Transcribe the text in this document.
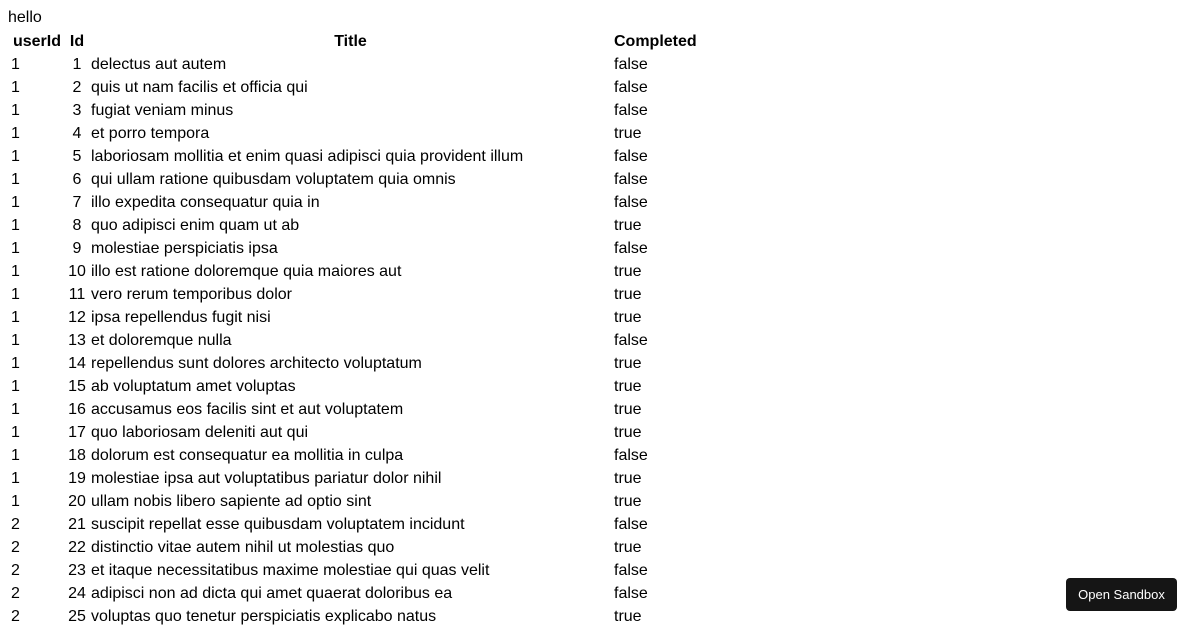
hello
userId	Id	Title	Completed
1	1	delectus aut autem	false
1	2	quis ut nam facilis et officia qui	false
1	3	fugiat veniam minus	false
1	4	et porro tempora	true
1	5	laboriosam mollitia et enim quasi adipisci quia provident illum	false
1	6	qui ullam ratione quibusdam voluptatem quia omnis	false
1	7	illo expedita consequatur quia in	false
1	8	quo adipisci enim quam ut ab	true
1	9	molestiae perspiciatis ipsa	false
1	10	illo est ratione doloremque quia maiores aut	true
1	11	vero rerum temporibus dolor	true
1	12	ipsa repellendus fugit nisi	true
1	13	et doloremque nulla	false
1	14	repellendus sunt dolores architecto voluptatum	true
1	15	ab voluptatum amet voluptas	true
1	16	accusamus eos facilis sint et aut voluptatem	true
1	17	quo laboriosam deleniti aut qui	true
1	18	dolorum est consequatur ea mollitia in culpa	false
1	19	molestiae ipsa aut voluptatibus pariatur dolor nihil	true
1	20	ullam nobis libero sapiente ad optio sint	true
2	21	suscipit repellat esse quibusdam voluptatem incidunt	false
2	22	distinctio vitae autem nihil ut molestias quo	true
2	23	et itaque necessitatibus maxime molestiae qui quas velit	false
2	24	adipisci non ad dicta qui amet quaerat doloribus ea	false
2	25	voluptas quo tenetur perspiciatis explicabo natus	true
Open Sandbox
